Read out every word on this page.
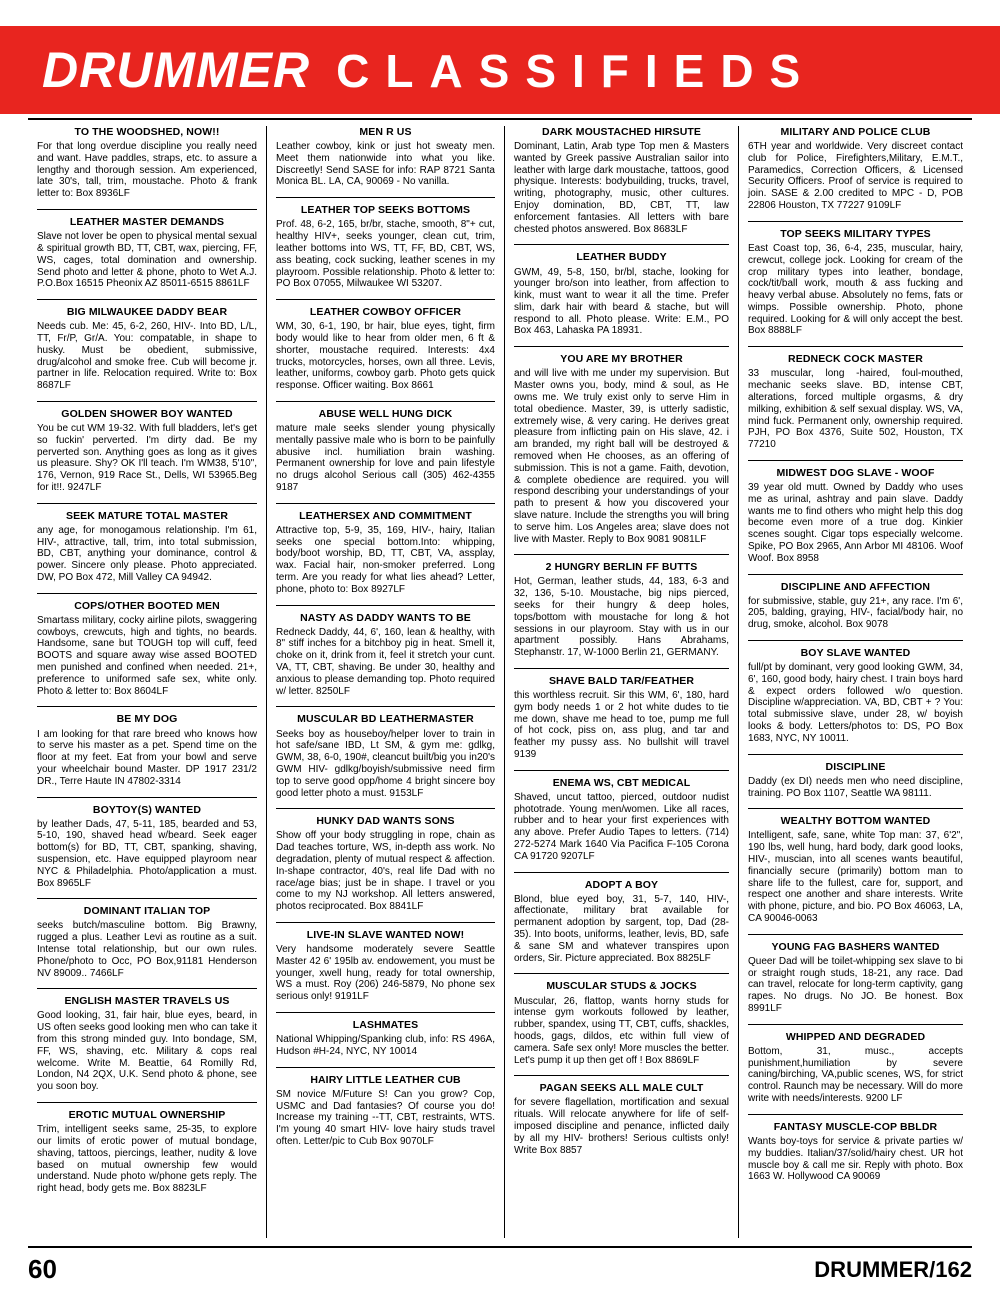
DRUMMER CLASSIFIEDS
TO THE WOODSHED, NOW!!
For that long overdue discipline you really need and want. Have paddles, straps, etc. to assure a lengthy and thorough session. Am experienced, late 30's, tall, trim, moustache. Photo & frank letter to: Box 8936LF
LEATHER MASTER DEMANDS
Slave not lover be open to physical mental sexual & spiritual growth BD, TT, CBT, wax, piercing, FF, WS, cages, total domination and ownership. Send photo and letter & phone, photo to Wet A.J. P.O.Box 16515 Pheonix AZ 85011-6515 8861LF
BIG MILWAUKEE DADDY BEAR
Needs cub. Me: 45, 6-2, 260, HIV-. Into BD, L/L, TT, Fr/P, Gr/A. You: compatable, in shape to husky. Must be obedient, submissive, drug/alcohol and smoke free. Cub will become jr. partner in life. Relocation required. Write to: Box 8687LF
GOLDEN SHOWER BOY WANTED
You be cut WM 19-32. With full bladders, let's get so fuckin' perverted. I'm dirty dad. Be my perverted son. Anything goes as long as it gives us pleasure. Shy? OK I'll teach. I'm WM38, 5'10", 176, Vernon, 919 Race St., Dells, WI 53965.Beg for it!!. 9247LF
SEEK MATURE TOTAL MASTER
any age, for monogamous relationship. I'm 61, HIV-, attractive, tall, trim, into total submission, BD, CBT, anything your dominance, control & power. Sincere only please. Photo appreciated. DW, PO Box 472, Mill Valley CA 94942.
COPS/OTHER BOOTED MEN
Smartass military, cocky airline pilots, swaggering cowboys, crewcuts, high and tights, no beards. Handsome, sane but TOUGH top will cuff, feed BOOTS and square away wise assed BOOTED men punished and confined when needed. 21+, preference to uniformed safe sex, white only. Photo & letter to: Box 8604LF
BE MY DOG
I am looking for that rare breed who knows how to serve his master as a pet. Spend time on the floor at my feet. Eat from your bowl and serve your wheelchair bound Master. DP 1917 231/2 DR., Terre Haute IN 47802-3314
BOYTOY(S) WANTED
by leather Dads, 47, 5-11, 185, bearded and 53, 5-10, 190, shaved head w/beard. Seek eager bottom(s) for BD, TT, CBT, spanking, shaving, suspension, etc. Have equipped playroom near NYC & Philadelphia. Photo/application a must. Box 8965LF
DOMINANT ITALIAN TOP
seeks butch/masculine bottom. Big Brawny, rugged a plus. Leather Levi as routine as a suit. Intense total relationship, but our own rules. Phone/photo to Occ, PO Box,91181 Henderson NV 89009.. 7466LF
ENGLISH MASTER TRAVELS US
Good looking, 31, fair hair, blue eyes, beard, in US often seeks good looking men who can take it from this strong minded guy. Into bondage, SM, FF, WS, shaving, etc. Military & cops real welcome. Write M. Beattie, 64 Romilly Rd, London, N4 2QX, U.K. Send photo & phone, see you soon boy.
EROTIC MUTUAL OWNERSHIP
Trim, intelligent seeks same, 25-35, to explore our limits of erotic power of mutual bondage, shaving, tattoos, piercings, leather, nudity & love based on mutual ownership few would understand. Nude photo w/phone gets reply. The right head, body gets me. Box 8823LF
MEN R US
Leather cowboy, kink or just hot sweaty men. Meet them nationwide into what you like. Discreetly! Send SASE for info: RAP 8721 Santa Monica BL. LA, CA, 90069 - No vanilla.
LEATHER TOP SEEKS BOTTOMS
Prof. 48, 6-2, 165, br/br, stache, smooth, 8"+ cut, healthy HIV+, seeks younger, clean cut, trim, leather bottoms into WS, TT, FF, BD, CBT, WS, ass beating, cock sucking, leather scenes in my playroom. Possible relationship. Photo & letter to: PO Box 07055, Milwaukee WI 53207.
LEATHER COWBOY OFFICER
WM, 30, 6-1, 190, br hair, blue eyes, tight, firm body would like to hear from older men, 6 ft & shorter, moustache required. Interests: 4x4 trucks, motorcycles, horses, own all three. Levis, leather, uniforms, cowboy garb. Photo gets quick response. Officer waiting. Box 8661
ABUSE WELL HUNG DICK
mature male seeks slender young physically mentally passive male who is born to be painfully abusive incl. humiliation brain washing. Permanent ownership for love and pain lifestyle no drugs alcohol Serious call (305) 462-4355 9187
LEATHERSEX AND COMMITMENT
Attractive top, 5-9, 35, 169, HIV-, hairy, Italian seeks one special bottom.Into: whipping, body/boot worship, BD, TT, CBT, VA, assplay, wax. Facial hair, non-smoker preferred. Long term. Are you ready for what lies ahead? Letter, phone, photo to: Box 8927LF
NASTY AS DADDY WANTS TO BE
Redneck Daddy, 44, 6', 160, lean & healthy, with 8" stiff inches for a bitchboy pig in heat. Smell it, choke on it, drink from it, feel it stretch your cunt. VA, TT, CBT, shaving. Be under 30, healthy and anxious to please demanding top. Photo required w/ letter. 8250LF
MUSCULAR BD LEATHERMASTER
Seeks boy as houseboy/helper lover to train in hot safe/sane IBD, Lt SM, & gym me: gdlkg, GWM, 38, 6-0, 190#, cleancut built/big you in20's GWM HIV- gdlkg/boyish/submissive need firm top to serve good opp/home 4 bright sincere boy good letter photo a must. 9153LF
HUNKY DAD WANTS SONS
Show off your body struggling in rope, chain as Dad teaches torture, WS, in-depth ass work. No degradation, plenty of mutual respect & affection. In-shape contractor, 40's, real life Dad with no race/age bias; just be in shape. I travel or you come to my NJ workshop. All letters answered, photos reciprocated. Box 8841LF
LIVE-IN SLAVE WANTED NOW!
Very handsome moderately severe Seattle Master 42 6' 195lb av. endowement, you must be younger, xwell hung, ready for total ownership, WS a must. Roy (206) 246-5879, No phone sex serious only! 9191LF
LASHMATES
National Whipping/Spanking club, info: RS 496A, Hudson #H-24, NYC, NY 10014
HAIRY LITTLE LEATHER CUB
SM novice M/Future S! Can you grow? Cop, USMC and Dad fantasies? Of course you do! Increase my training --TT, CBT, restraints, WTS. I'm young 40 smart HIV- love hairy studs travel often. Letter/pic to Cub Box 9070LF
DARK MOUSTACHED HIRSUTE
Dominant, Latin, Arab type Top men & Masters wanted by Greek passive Australian sailor into leather with large dark moustache, tattoos, good physique. Interests: bodybuilding, trucks, travel, writing, photography, music, other cultures. Enjoy domination, BD, CBT, TT, law enforcement fantasies. All letters with bare chested photos answered. Box 8683LF
LEATHER BUDDY
GWM, 49, 5-8, 150, br/bl, stache, looking for younger bro/son into leather, from affection to kink, must want to wear it all the time. Prefer slim, dark hair with beard & stache, but will respond to all. Photo please. Write: E.M., PO Box 463, Lahaska PA 18931.
YOU ARE MY BROTHER
and will live with me under my supervision. But Master owns you, body, mind & soul, as He owns me. We truly exist only to serve Him in total obedience. Master, 39, is utterly sadistic, extremely wise, & very caring. He derives great pleasure from inflicting pain on His slave, 42. i am branded, my right ball will be destroyed & removed when He chooses, as an offering of submission. This is not a game. Faith, devotion, & complete obedience are required. you will respond describing your understandings of your path to present & how you discovered your slave nature. Include the strengths you will bring to serve him. Los Angeles area; slave does not live with Master. Reply to Box 9081 9081LF
2 HUNGRY BERLIN FF BUTTS
Hot, German, leather studs, 44, 183, 6-3 and 32, 136, 5-10. Moustache, big nips pierced, seeks for their hungry & deep holes, tops/bottom with moustache for long & hot sessions in our playroom. Stay with us in our apartment possibly. Hans Abrahams, Stephanstr. 17, W-1000 Berlin 21, GERMANY.
SHAVE BALD TAR/FEATHER
this worthless recruit. Sir this WM, 6', 180, hard gym body needs 1 or 2 hot white dudes to tie me down, shave me head to toe, pump me full of hot cock, piss on, ass plug, and tar and feather my pussy ass. No bullshit will travel 9139
ENEMA WS, CBT MEDICAL
Shaved, uncut tattoo, pierced, outdoor nudist phototrade. Young men/women. Like all races, rubber and to hear your first experiences with any above. Prefer Audio Tapes to letters. (714) 272-5274 Mark 1640 Via Pacifica F-105 Corona CA 91720 9207LF
ADOPT A BOY
Blond, blue eyed boy, 31, 5-7, 140, HIV-, affectionate, military brat available for permanent adoption by sargent, top, Dad (28-35). Into boots, uniforms, leather, levis, BD, safe & sane SM and whatever transpires upon orders, Sir. Picture appreciated. Box 8825LF
MUSCULAR STUDS & JOCKS
Muscular, 26, flattop, wants horny studs for intense gym workouts followed by leather, rubber, spandex, using TT, CBT, cuffs, shackles, hoods, gags, dildos, etc within full view of camera. Safe sex only! More muscles the better. Let's pump it up then get off ! Box 8869LF
PAGAN SEEKS ALL MALE CULT
for severe flagellation, mortification and sexual rituals. Will relocate anywhere for life of self-imposed discipline and penance, inflicted daily by all my HIV- brothers! Serious cultists only! Write Box 8857
MILITARY AND POLICE CLUB
6TH year and worldwide. Very discreet contact club for Police, Firefighters,Military, E.M.T., Paramedics, Correction Officers, & Licensed Security Officers. Proof of service is required to join. SASE & 2.00 credited to MPC - D, POB 22806 Houston, TX 77227 9109LF
TOP SEEKS MILITARY TYPES
East Coast top, 36, 6-4, 235, muscular, hairy, crewcut, college jock. Looking for cream of the crop military types into leather, bondage, cock/tit/ball work, mouth & ass fucking and heavy verbal abuse. Absolutely no fems, fats or wimps. Possible ownership. Photo, phone required. Looking for & will only accept the best. Box 8888LF
REDNECK COCK MASTER
33 muscular, long -haired, foul-mouthed, mechanic seeks slave. BD, intense CBT, alterations, forced multiple orgasms, & dry milking, exhibition & self sexual display. WS, VA, mind fuck. Permanent only, ownership required. PJH, PO Box 4376, Suite 502, Houston, TX 77210
MIDWEST DOG SLAVE - WOOF
39 year old mutt. Owned by Daddy who uses me as urinal, ashtray and pain slave. Daddy wants me to find others who might help this dog become even more of a true dog. Kinkier scenes sought. Cigar tops especially welcome. Spike, PO Box 2965, Ann Arbor MI 48106. Woof Woof. Box 8958
DISCIPLINE AND AFFECTION
for submissive, stable, guy 21+, any race. I'm 6', 205, balding, graying, HIV-, facial/body hair, no drug, smoke, alcohol. Box 9078
BOY SLAVE WANTED
full/pt by dominant, very good looking GWM, 34, 6', 160, good body, hairy chest. I train boys hard & expect orders followed w/o question. Discipline w/appreciation. VA, BD, CBT + ? You: total submissive slave, under 28, w/ boyish looks & body. Letters/photos to: DS, PO Box 1683, NYC, NY 10011.
DISCIPLINE
Daddy (ex DI) needs men who need discipline, training. PO Box 1107, Seattle WA 98111.
WEALTHY BOTTOM WANTED
Intelligent, safe, sane, white Top man: 37, 6'2", 190 lbs, well hung, hard body, dark good looks, HIV-, muscian, into all scenes wants beautiful, financially secure (primarily) bottom man to share life to the fullest, care for, support, and respect one another and share interests. Write with phone, picture, and bio. PO Box 46063, LA, CA 90046-0063
YOUNG FAG BASHERS WANTED
Queer Dad will be toilet-whipping sex slave to bi or straight rough studs, 18-21, any race. Dad can travel, relocate for long-term captivity, gang rapes. No drugs. No JO. Be honest. Box 8991LF
WHIPPED AND DEGRADED
Bottom, 31, musc., accepts punishment,humiliation by severe caning/birching, VA,public scenes, WS, for strict control. Raunch may be necessary. Will do more write with needs/interests. 9200 LF
FANTASY MUSCLE-COP BBLDR
Wants boy-toys for service & private parties w/ my buddies. Italian/37/solid/hairy chest. UR hot muscle boy & call me sir. Reply with photo. Box 1663 W. Hollywood CA 90069
60	DRUMMER/162
